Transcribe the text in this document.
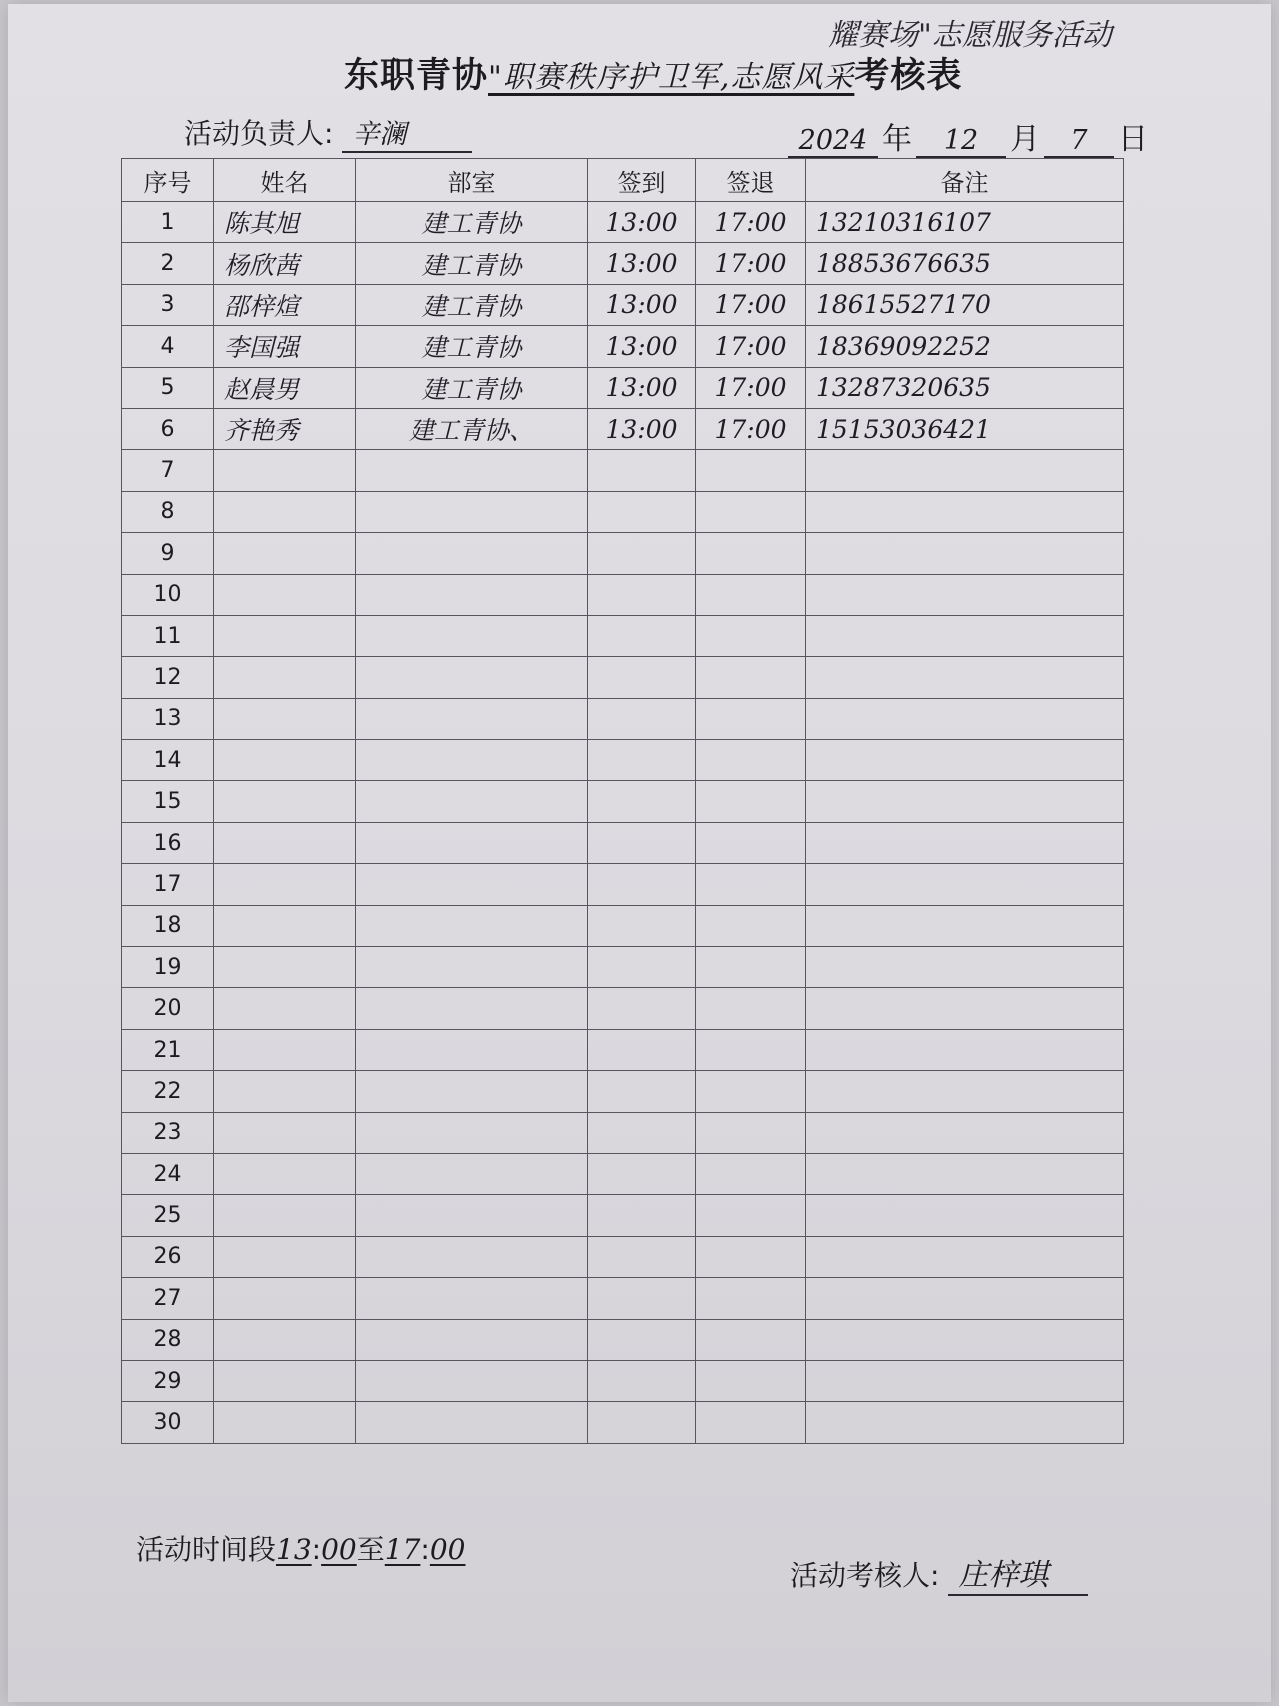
耀赛场"志愿服务活动
东职青协"职赛秩序护卫军,志愿风采考核表
活动负责人: 辛澜	2024 年 12 月 7 日
序号	姓名	部室	签到	签退	备注
1	陈其旭	建工青协	13:00	17:00	13210316107
2	杨欣茜	建工青协	13:00	17:00	18853676635
3	邵梓煊	建工青协	13:00	17:00	18615527170
4	李国强	建工青协	13:00	17:00	18369092252
5	赵晨男	建工青协	13:00	17:00	13287320635
6	齐艳秀	建工青协、	13:00	17:00	15153036421
7					
8					
9					
10					
11					
12					
13					
14					
15					
16					
17					
18					
19					
20					
21					
22					
23					
24					
25					
26					
27					
28					
29					
30					
活动时间段13:00至17:00
活动考核人: 庄梓琪
